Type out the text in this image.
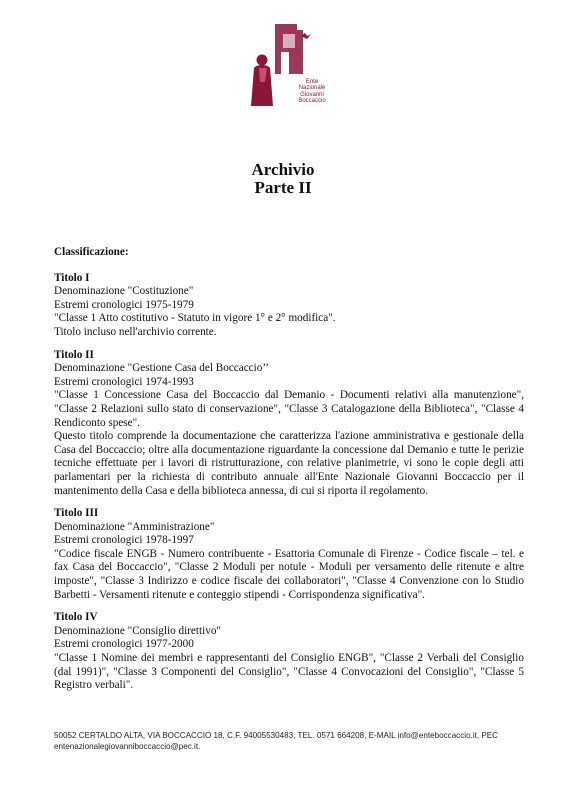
Ente
Nazionale
Giovanni
Boccaccio
Archivio
Parte II
Classificazione:
Titolo I
Denominazione "Costituzione"
Estremi cronologici 1975-1979
"Classe 1 Atto costitutivo - Statuto in vigore 1° e 2° modifica".
Titolo incluso nell'archivio corrente.
Titolo II
Denominazione "Gestione Casa del Boccaccio’’
Estremi cronologici 1974-1993
"Classe 1 Concessione Casa del Boccaccio dal Demanio - Documenti relativi alla manutenzione", "Classe 2 Relazioni sullo stato di conservazione", "Classe 3 Catalogazione della Biblioteca", "Classe 4 Rendiconto spese".
Questo titolo comprende la documentazione che caratterizza l'azione amministrativa e gestionale della Casa del Boccaccio; oltre alla documentazione riguardante la concessione dal Demanio e tutte le perizie tecniche effettuate per i lavori di ristrutturazione, con relative planimetrie, vi sono le copie degli atti parlamentari per la richiesta di contributo annuale all'Ente Nazionale Giovanni Boccaccio per il mantenimento della Casa e della biblioteca annessa, di cui si riporta il regolamento.
Titolo III
Denominazione "Amministrazione"
Estremi cronologici 1978-1997
"Codice fiscale ENGB - Numero contribuente - Esattoria Comunale di Firenze - Codice fiscale – tel. e fax Casa del Boccaccio", "Classe 2 Moduli per notule - Moduli per versamento delle ritenute e altre imposte", "Classe 3 Indirizzo e codice fiscale dei collaboratori", "Classe 4 Convenzione con lo Studio Barbetti - Versamenti ritenute e conteggio stipendi - Corrispondenza significativa".
Titolo IV
Denominazione "Consiglio direttivo"
Estremi cronologici 1977-2000
"Classe 1 Nomine dei membri e rappresentanti del Consiglio ENGB", "Classe 2 Verbali del Consiglio (dal 1991)", "Classe 3 Componenti del Consiglio", "Classe 4 Convocazioni del Consiglio", "Classe 5 Registro verbali".
50052 CERTALDO ALTA, VIA BOCCACCIO 18, C.F. 94005530483, TEL. 0571 664208, E-MAIL info@enteboccaccio.it, PEC
entenazionalegiovanniboccaccio@pec.it.
